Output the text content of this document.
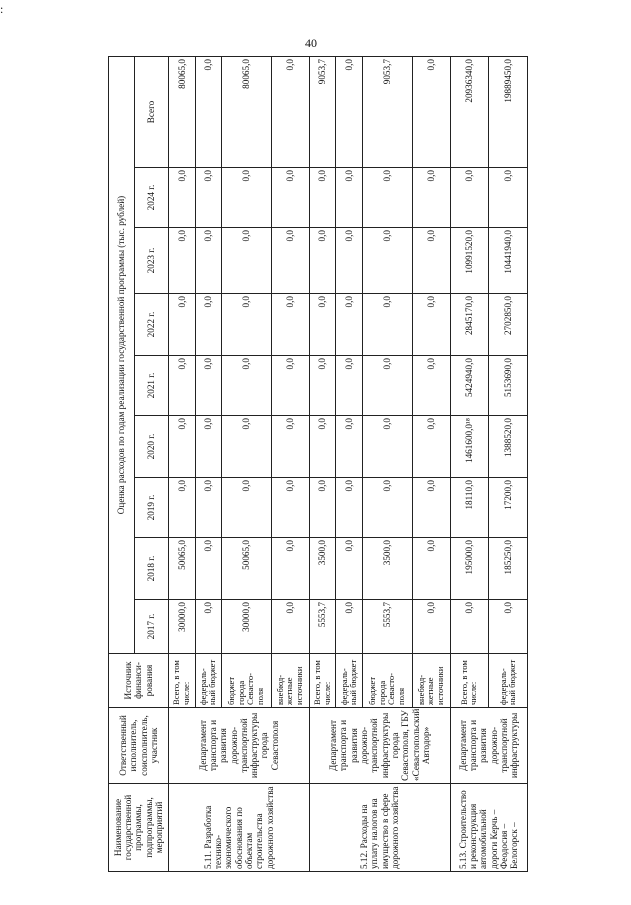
:
40
Наименование государственной программы, подпрограммы, мероприятий	Ответственный исполнитель, соисполнитель, участник	Источник финанси-рования	Оценка расходов по годам реализации государственной программы (тыс. рублей)								
			2017 г.	2018 г.	2019 г.	2020 г.	2021 г.	2022 г.	2023 г.	2024 г.	Всего
5.11. Разработка технико-экономического обоснования по объектам строительства дорожного хозяйства	Департамент транспорта и развития дорожно-транспортной инфраструктуры города Севастополя	Всего, в том числе:	30000,0	50065,0	0,0	0,0	0,0	0,0	0,0	0,0	80065,0
		федераль-ный бюджет	0,0	0,0	0,0	0,0	0,0	0,0	0,0	0,0	0,0
		бюджет города Севасто-поля	30000,0	50065,0	0,0	0,0	0,0	0,0	0,0	0,0	80065,0
		внебюд-жетные источники	0,0	0,0	0,0	0,0	0,0	0,0	0,0	0,0	0,0
5.12. Расходы на уплату налогов на имущество в сфере дорожного хозяйства	Департамент транспорта и развития дорожно-транспортной инфраструктуры города Севастополя, ГБУ «Севастопольский Автодор»	Всего, в том числе:	5553,7	3500,0	0,0	0,0	0,0	0,0	0,0	0,0	9053,7
		федераль-ный бюджет	0,0	0,0	0,0	0,0	0,0	0,0	0,0	0,0	0,0
		бюджет города Севасто-поля	5553,7	3500,0	0,0	0,0	0,0	0,0	0,0	0,0	9053,7
		внебюд-жетные источники	0,0	0,0	0,0	0,0	0,0	0,0	0,0	0,0	0,0
5.13. Строительство и реконструкция автомобильной дороги Керчь – Феодосия – Белогорск –	Департамент транспорта и развития дорожно-транспортной инфраструктуры	Всего, в том числе:	0,0	195000,0	18110,0	1461600,0¹⁸	5424940,0	2845170,0	10991520,0	0,0	20936340,0
		федераль-ный бюджет	0,0	185250,0	17200,0	1388520,0	5153690,0	2702850,0	10441940,0	0,0	19889450,0
